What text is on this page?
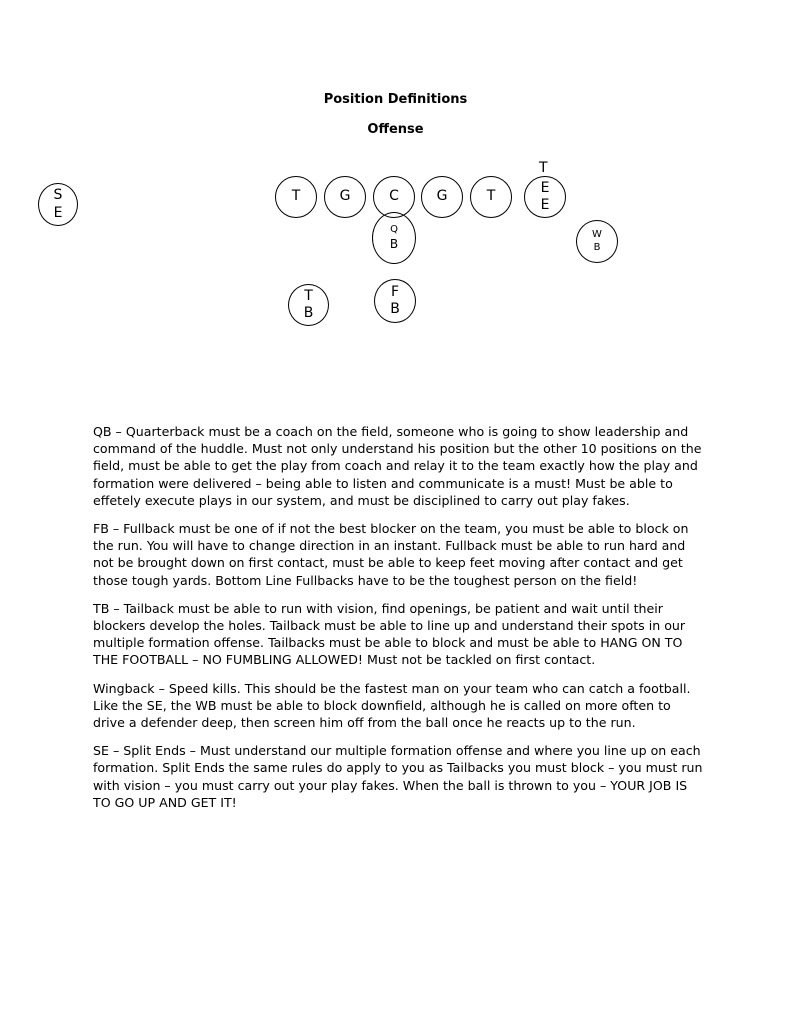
Position Definitions
Offense
S
E
T	G	C	G	T
T
E
E
Q
B
W
B
T
B
F
B

QB – Quarterback must be a coach on the field, someone who is going to show leadership and command of the huddle. Must not only understand his position but the other 10 positions on the field, must be able to get the play from coach and relay it to the team exactly how the play and formation were delivered – being able to listen and communicate is a must! Must be able to effetely execute plays in our system, and must be disciplined to carry out play fakes.

FB – Fullback must be one of if not the best blocker on the team, you must be able to block on the run. You will have to change direction in an instant. Fullback must be able to run hard and not be brought down on first contact, must be able to keep feet moving after contact and get those tough yards. Bottom Line Fullbacks have to be the toughest person on the field!

TB – Tailback must be able to run with vision, find openings, be patient and wait until their blockers develop the holes. Tailback must be able to line up and understand their spots in our multiple formation offense. Tailbacks must be able to block and must be able to HANG ON TO THE FOOTBALL – NO FUMBLING ALLOWED! Must not be tackled on first contact.

Wingback – Speed kills. This should be the fastest man on your team who can catch a football. Like the SE, the WB must be able to block downfield, although he is called on more often to drive a defender deep, then screen him off from the ball once he reacts up to the run.

SE – Split Ends – Must understand our multiple formation offense and where you line up on each formation. Split Ends the same rules do apply to you as Tailbacks you must block – you must run with vision – you must carry out your play fakes. When the ball is thrown to you – YOUR JOB IS TO GO UP AND GET IT!
